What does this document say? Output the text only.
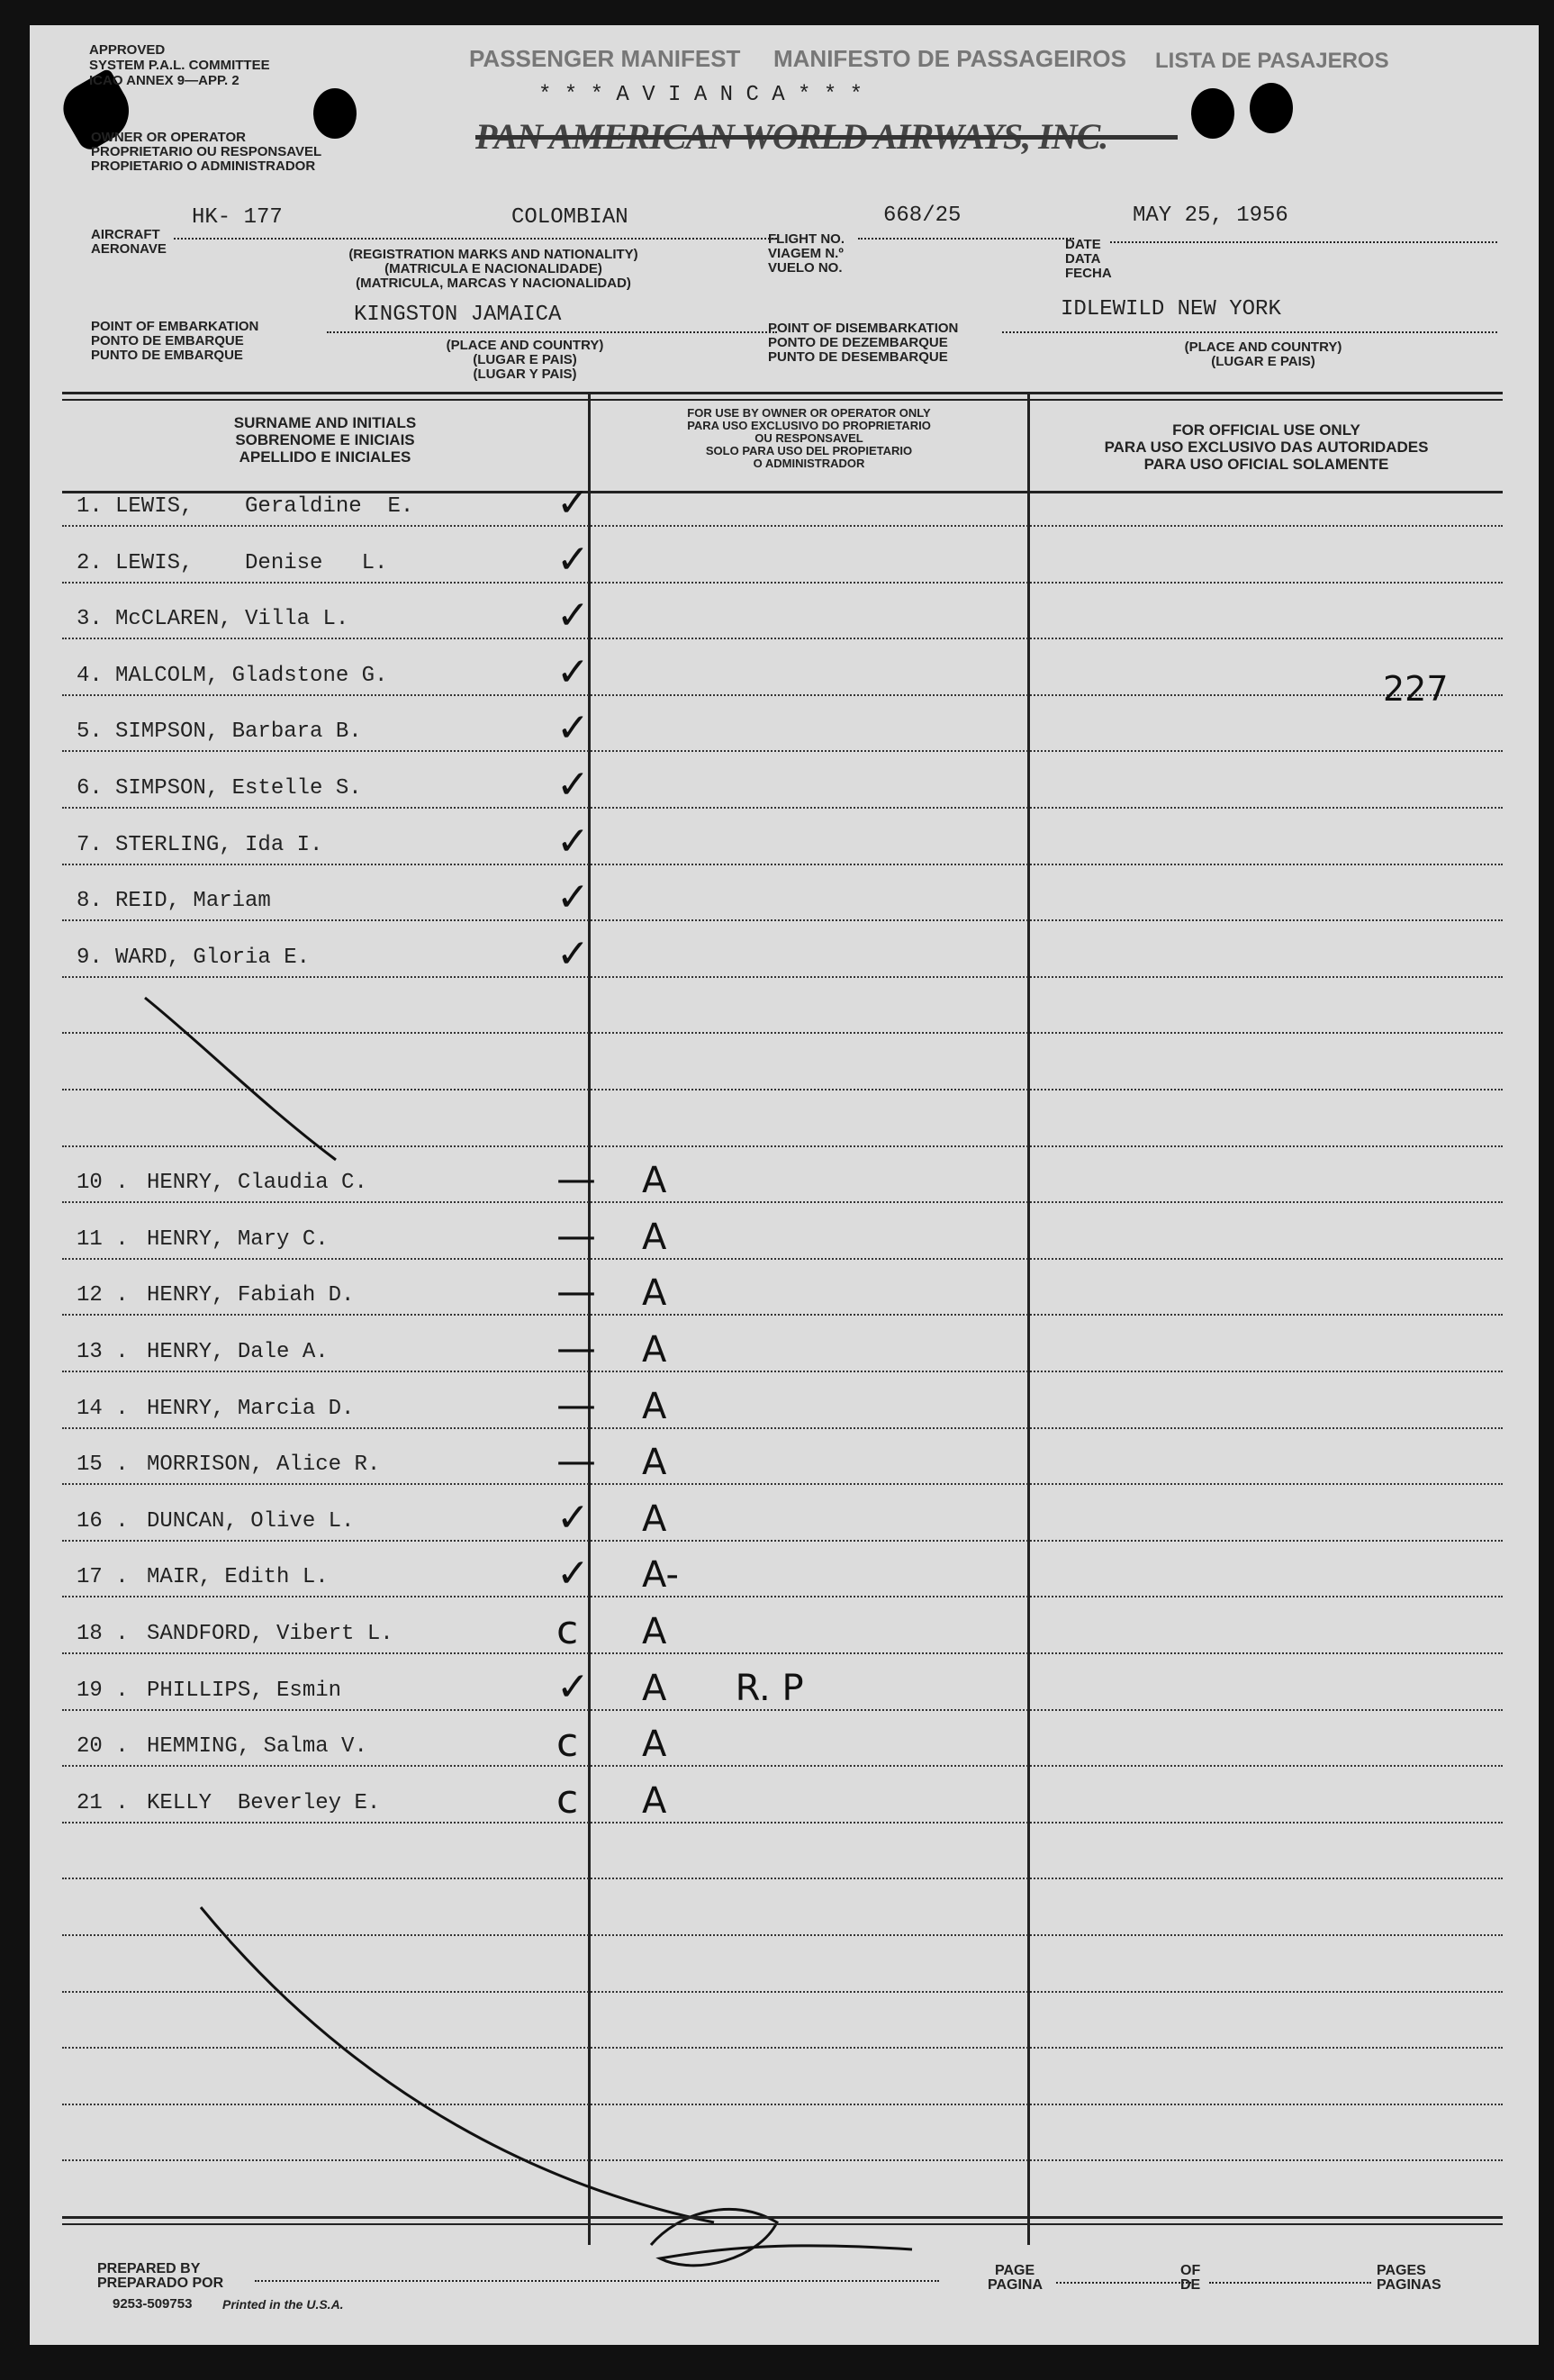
APPROVED
SYSTEM P.A.L. COMMITTEE
ICAO ANNEX 9—APP. 2
OWNER OR OPERATOR
PROPRIETARIO OU RESPONSAVEL
PROPIETARIO O ADMINISTRADOR
PASSENGER MANIFEST MANIFESTO DE PASSAGEIROS LISTA DE PASAJEROS
* * * A V I A N C A * * *
PAN AMERICAN WORLD AIRWAYS, INC.
AIRCRAFT
AERONAVE
HK- 177	COLOMBIAN
(REGISTRATION MARKS AND NATIONALITY)
(MATRICULA E NACIONALIDADE)
(MATRICULA, MARCAS Y NACIONALIDAD)
FLIGHT NO.
VIAGEM N.º
VUELO NO.
668/25
DATE
DATA
FECHA
MAY 25, 1956
POINT OF EMBARKATION
PONTO DE EMBARQUE
PUNTO DE EMBARQUE
KINGSTON JAMAICA
(PLACE AND COUNTRY)
(LUGAR E PAIS)
(LUGAR Y PAIS)
POINT OF DISEMBARKATION
PONTO DE DEZEMBARQUE
PUNTO DE DESEMBARQUE
IDLEWILD NEW YORK
(PLACE AND COUNTRY)
(LUGAR E PAIS)
SURNAME AND INITIALS
SOBRENOME E INICIAIS
APELLIDO E INICIALES
FOR USE BY OWNER OR OPERATOR ONLY
PARA USO EXCLUSIVO DO PROPRIETARIO
OU RESPONSAVEL
SOLO PARA USO DEL PROPIETARIO
O ADMINISTRADOR
FOR OFFICIAL USE ONLY
PARA USO EXCLUSIVO DAS AUTORIDADES
PARA USO OFICIAL SOLAMENTE
1. LEWIS,    Geraldine  E.	✓
2. LEWIS,    Denise   L.	✓
3. McCLAREN, Villa L.	✓
4. MALCOLM, Gladstone G.	✓
5. SIMPSON, Barbara B.	✓
6. SIMPSON, Estelle S.	✓
7. STERLING, Ida I.	✓
8. REID, Mariam	✓
9. WARD, Gloria E.	✓
10 . HENRY, Claudia C.	— A
11 . HENRY, Mary C.	— A
12 . HENRY, Fabiah D.	— A
13 . HENRY, Dale A.	— A
14 . HENRY, Marcia D.	— A
15 . MORRISON, Alice R.	— A
16 . DUNCAN, Olive L.	✓ A
17 . MAIR, Edith L.	✓ A-
18 . SANDFORD, Vibert L.	c A
19 . PHILLIPS, Esmin	✓ A      R. P
20 . HEMMING, Salma V.	c A
21 . KELLY  Beverley E.	c A
227
PREPARED BY
PREPARADO POR
9253-509753 Printed in the U.S.A.
PAGE
PAGINA
OF
DE
PAGES
PAGINAS
